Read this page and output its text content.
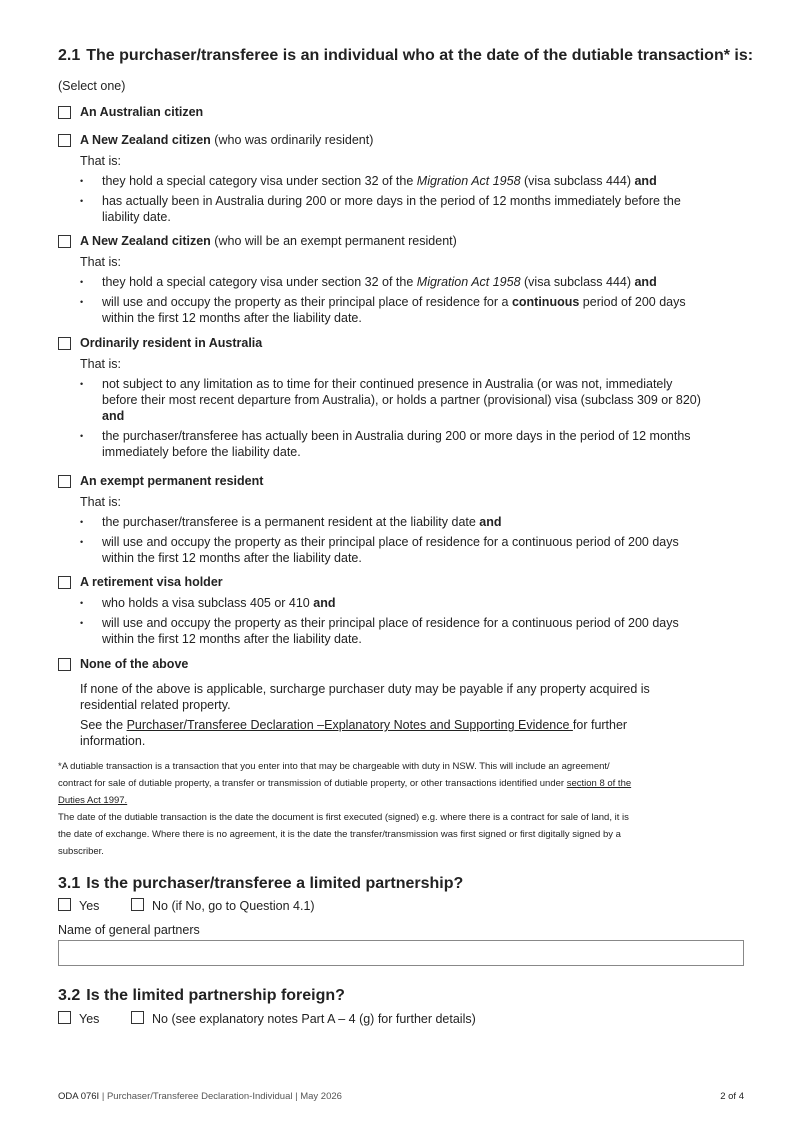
2.1 The purchaser/transferee is an individual who at the date of the dutiable transaction* is:
(Select one)
An Australian citizen
A New Zealand citizen (who was ordinarily resident)
That is:
• they hold a special category visa under section 32 of the Migration Act 1958 (visa subclass 444) and
• has actually been in Australia during 200 or more days in the period of 12 months immediately before the
liability date.
A New Zealand citizen (who will be an exempt permanent resident)
That is:
• they hold a special category visa under section 32 of the Migration Act 1958 (visa subclass 444) and
• will use and occupy the property as their principal place of residence for a continuous period of 200 days
within the first 12 months after the liability date.
Ordinarily resident in Australia
That is:
• not subject to any limitation as to time for their continued presence in Australia (or was not, immediately
before their most recent departure from Australia), or holds a partner (provisional) visa (subclass 309 or 820)
and
• the purchaser/transferee has actually been in Australia during 200 or more days in the period of 12 months
immediately before the liability date.
An exempt permanent resident
That is:
• the purchaser/transferee is a permanent resident at the liability date and
• will use and occupy the property as their principal place of residence for a continuous period of 200 days
within the first 12 months after the liability date.
A retirement visa holder
• who holds a visa subclass 405 or 410 and
• will use and occupy the property as their principal place of residence for a continuous period of 200 days
within the first 12 months after the liability date.
None of the above
If none of the above is applicable, surcharge purchaser duty may be payable if any property acquired is
residential related property.
See the Purchaser/Transferee Declaration –Explanatory Notes and Supporting Evidence for further
information.
*A dutiable transaction is a transaction that you enter into that may be chargeable with duty in NSW. This will include an agreement/
contract for sale of dutiable property, a transfer or transmission of dutiable property, or other transactions identified under section 8 of the
Duties Act 1997.
The date of the dutiable transaction is the date the document is first executed (signed) e.g. where there is a contract for sale of land, it is
the date of exchange. Where there is no agreement, it is the date the transfer/transmission was first signed or first digitally signed by a
subscriber.
3.1 Is the purchaser/transferee a limited partnership?
Yes	No (if No, go to Question 4.1)
Name of general partners
3.2 Is the limited partnership foreign?
Yes	No (see explanatory notes Part A – 4 (g) for further details)
ODA 076I | Purchaser/Transferee Declaration-Individual | May 2026	2 of 4
